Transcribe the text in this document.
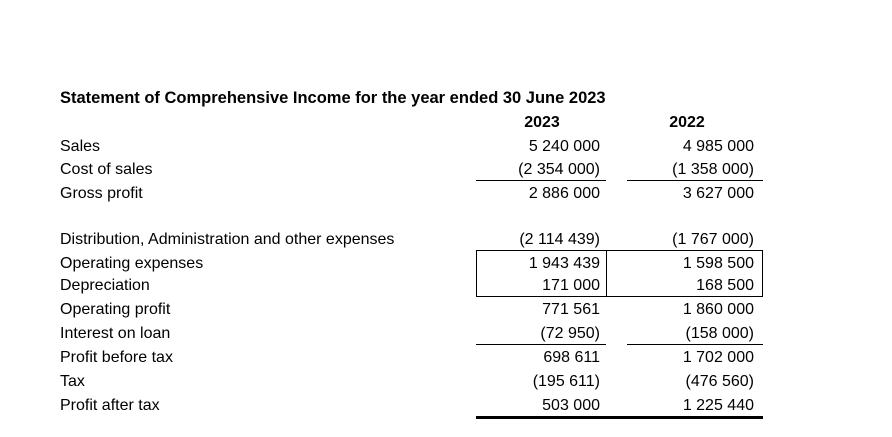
Statement of Comprehensive Income for the year ended 30 June 2023
2023	2022
Sales	5 240 000	4 985 000
Cost of sales	(2 354 000)	(1 358 000)
Gross profit	2 886 000	3 627 000
Distribution, Administration and other expenses	(2 114 439)	(1 767 000)
Operating expenses	1 943 439	1 598 500
Depreciation	171 000	168 500
Operating profit	771 561	1 860 000
Interest on loan	(72 950)	(158 000)
Profit before tax	698 611	1 702 000
Tax	(195 611)	(476 560)
Profit after tax	503 000	1 225 440
